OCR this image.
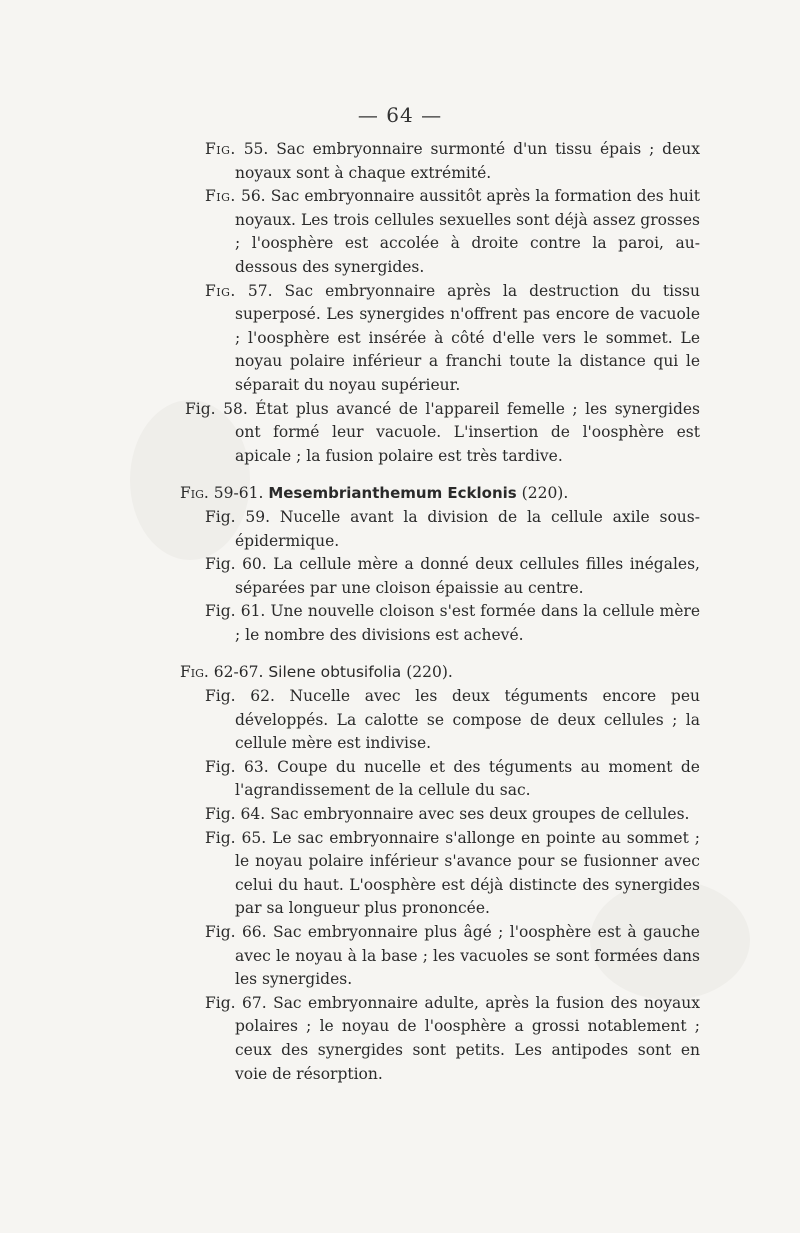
— 64 —

Fig. 55. Sac embryonnaire surmonté d'un tissu épais ; deux noyaux sont à chaque extrémité.

Fig. 56. Sac embryonnaire aussitôt après la formation des huit noyaux. Les trois cellules sexuelles sont déjà assez grosses ; l'oosphère est accolée à droite contre la paroi, au-dessous des synergides.

Fig. 57. Sac embryonnaire après la destruction du tissu superposé. Les synergides n'offrent pas encore de vacuole ; l'oosphère est insérée à côté d'elle vers le sommet. Le noyau polaire inférieur a franchi toute la distance qui le séparait du noyau supérieur.

Fig. 58. État plus avancé de l'appareil femelle ; les synergides ont formé leur vacuole. L'insertion de l'oosphère est apicale ; la fusion polaire est très tardive.

Fig. 59-61. Mesembrianthemum Ecklonis (220).

Fig. 59. Nucelle avant la division de la cellule axile sous-épidermique.

Fig. 60. La cellule mère a donné deux cellules filles inégales, séparées par une cloison épaissie au centre.

Fig. 61. Une nouvelle cloison s'est formée dans la cellule mère ; le nombre des divisions est achevé.

Fig. 62-67. Silene obtusifolia (220).

Fig. 62. Nucelle avec les deux téguments encore peu développés. La calotte se compose de deux cellules ; la cellule mère est indivise.

Fig. 63. Coupe du nucelle et des téguments au moment de l'agrandissement de la cellule du sac.

Fig. 64. Sac embryonnaire avec ses deux groupes de cellules.

Fig. 65. Le sac embryonnaire s'allonge en pointe au sommet ; le noyau polaire inférieur s'avance pour se fusionner avec celui du haut. L'oosphère est déjà distincte des synergides par sa longueur plus prononcée.

Fig. 66. Sac embryonnaire plus âgé ; l'oosphère est à gauche avec le noyau à la base ; les vacuoles se sont formées dans les synergides.

Fig. 67. Sac embryonnaire adulte, après la fusion des noyaux polaires ; le noyau de l'oosphère a grossi notablement ; ceux des synergides sont petits. Les antipodes sont en voie de résorption.
